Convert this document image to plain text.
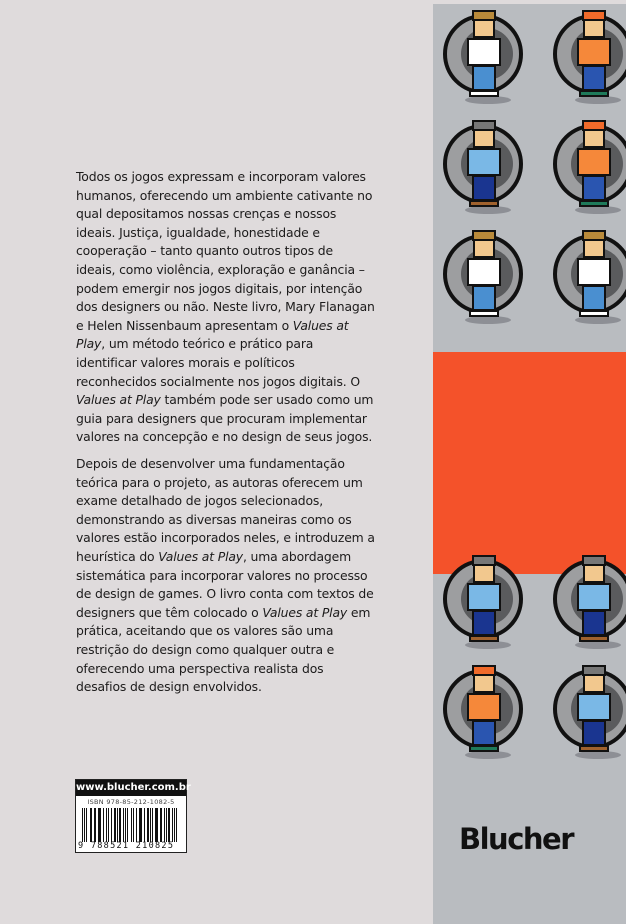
Todos os jogos expressam e incorporam valores humanos, oferecendo um ambiente cativante no qual depositamos nossas crenças e nossos ideais. Justiça, igualdade, honestidade e cooperação – tanto quanto outros tipos de ideais, como violência, exploração e ganância – podem emergir nos jogos digitais, por intenção dos designers ou não. Neste livro, Mary Flanagan e Helen Nissenbaum apresentam o Values at Play, um método teórico e prático para identificar valores morais e políticos reconhecidos socialmente nos jogos digitais. O Values at Play também pode ser usado como um guia para designers que procuram implementar valores na concepção e no design de seus jogos.

Depois de desenvolver uma fundamentação teórica para o projeto, as autoras oferecem um exame detalhado de jogos selecionados, demonstrando as diversas maneiras como os valores estão incorporados neles, e introduzem a heurística do Values at Play, uma abordagem sistemática para incorporar valores no processo de design de games. O livro conta com textos de designers que têm colocado o Values at Play em prática, aceitando que os valores são uma restrição do design como qualquer outra e oferecendo uma perspectiva realista dos desafios de design envolvidos.

www.blucher.com.br
ISBN 978-85-212-1082-5
9 788521 210825	Blucher
